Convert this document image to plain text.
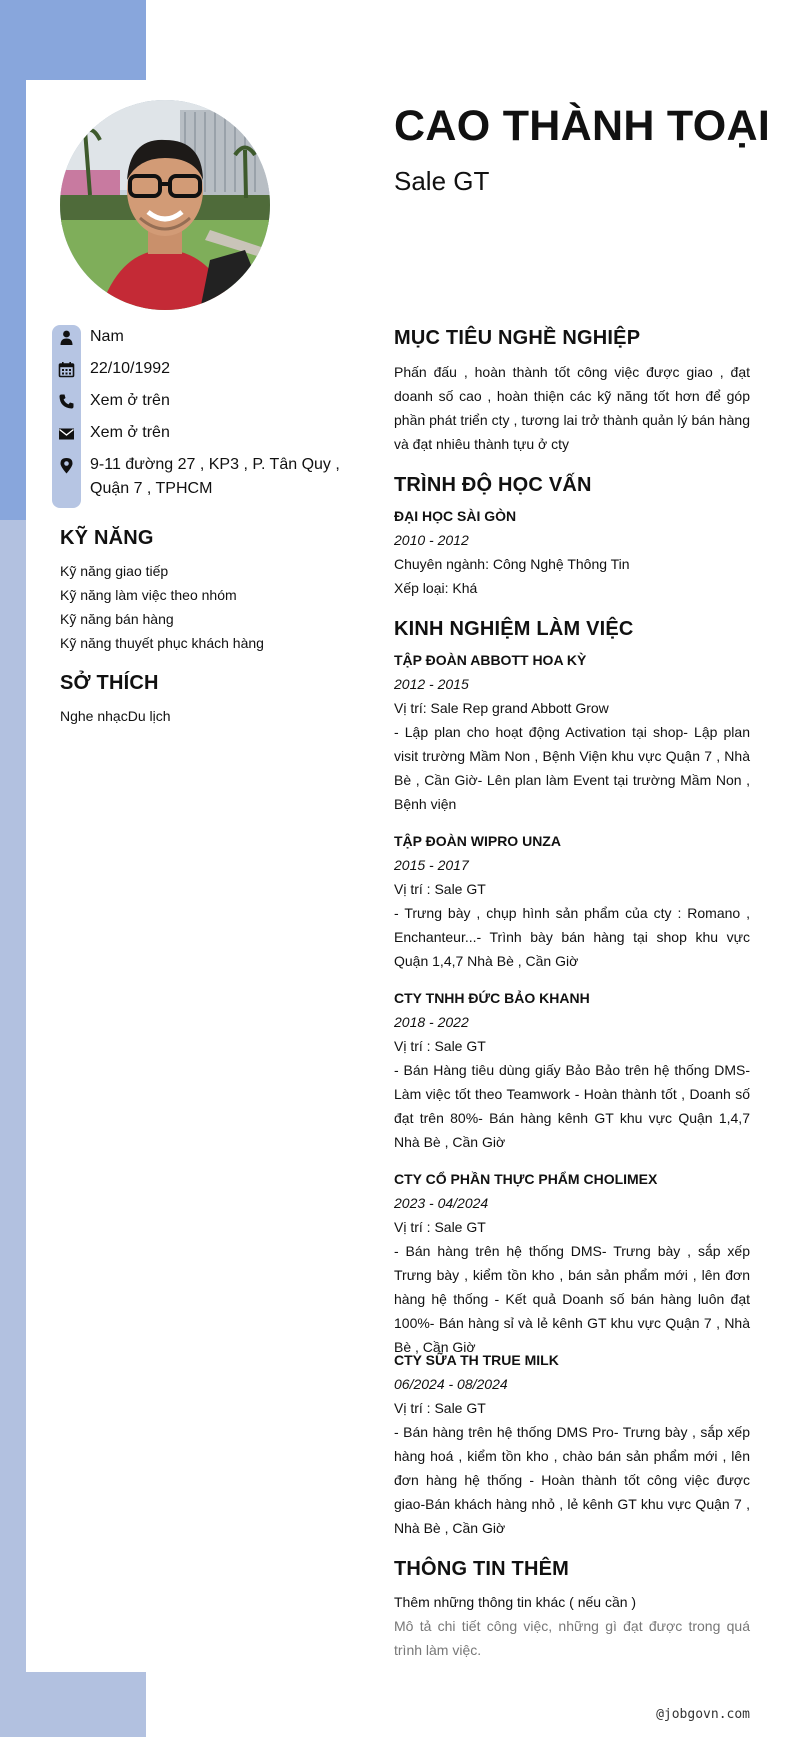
CAO THÀNH TOẠI
Sale GT
Nam
22/10/1992
Xem ở trên
Xem ở trên
9-11 đường 27 , KP3 , P. Tân Quy , Quận 7 , TPHCM
KỸ NĂNG
Kỹ năng giao tiếp
Kỹ năng làm việc theo nhóm
Kỹ năng bán hàng
Kỹ năng thuyết phục khách hàng
SỞ THÍCH
Nghe nhạcDu lịch
MỤC TIÊU NGHỀ NGHIỆP
Phấn đấu , hoàn thành tốt công việc được giao , đạt doanh số cao , hoàn thiện các kỹ năng tốt hơn để góp phần phát triển cty , tương lai trở thành quản lý bán hàng và đạt nhiêu thành tựu ở cty
TRÌNH ĐỘ HỌC VẤN
ĐẠI HỌC SÀI GÒN
2010 - 2012
Chuyên ngành: Công Nghệ Thông Tin
Xếp loại: Khá
KINH NGHIỆM LÀM VIỆC
TẬP ĐOÀN ABBOTT HOA KỲ
2012 - 2015
Vị trí: Sale Rep grand Abbott Grow
- Lập plan cho hoạt động Activation tại shop- Lập plan visit trường Mầm Non , Bệnh Viện khu vực Quận 7 , Nhà Bè , Cần Giờ- Lên plan làm Event tại trường Mầm Non , Bệnh viện
TẬP ĐOÀN WIPRO UNZA
2015 - 2017
Vị trí : Sale GT
- Trưng bày , chụp hình sản phẩm của cty : Romano , Enchanteur...- Trình bày bán hàng tại shop khu vực Quận 1,4,7 Nhà Bè , Cần Giờ
CTY TNHH ĐỨC BẢO KHANH
2018 - 2022
Vị trí : Sale GT
- Bán Hàng tiêu dùng giấy Bảo Bảo trên hệ thống DMS-Làm việc tốt theo Teamwork - Hoàn thành tốt , Doanh số đạt trên 80%- Bán hàng kênh GT khu vực Quận 1,4,7 Nhà Bè , Cần Giờ
CTY CỔ PHẦN THỰC PHẨM CHOLIMEX
2023 - 04/2024
Vị trí : Sale GT
- Bán hàng trên hệ thống DMS- Trưng bày , sắp xếp Trưng bày , kiểm tồn kho , bán sản phẩm mới , lên đơn hàng hệ thống - Kết quả Doanh số bán hàng luôn đạt 100%- Bán hàng sỉ và lẻ kênh GT khu vực Quận 7 , Nhà Bè , Cần Giờ
CTY SỮA TH TRUE MILK
06/2024 - 08/2024
Vị trí : Sale GT
- Bán hàng trên hệ thống DMS Pro- Trưng bày , sắp xếp hàng hoá , kiểm tồn kho , chào bán sản phẩm mới , lên đơn hàng hệ thống - Hoàn thành tốt công việc được giao-Bán khách hàng nhỏ , lẻ kênh GT khu vực Quận 7 , Nhà Bè , Cần Giờ
THÔNG TIN THÊM
Thêm những thông tin khác ( nếu cần )
Mô tả chi tiết công việc, những gì đạt được trong quá trình làm việc.
@jobgovn.com
